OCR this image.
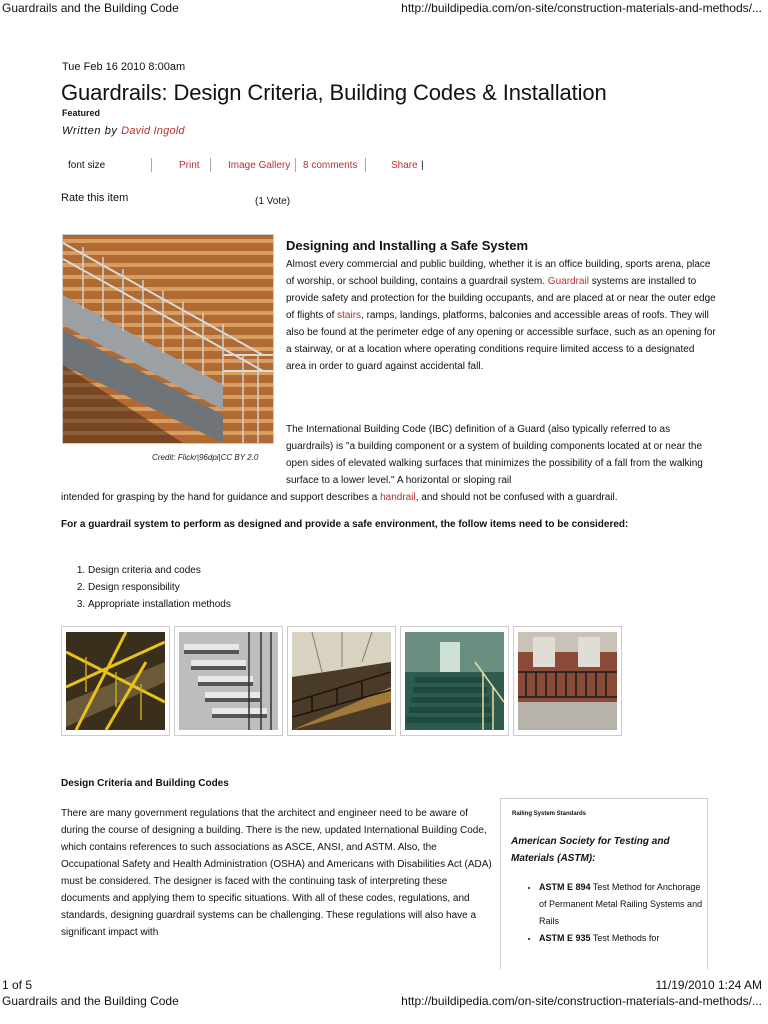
Guardrails and the Building Code	http://buildipedia.com/on-site/construction-materials-and-methods/...
Tue Feb 16 2010 8:00am
Guardrails: Design Criteria, Building Codes & Installation
Featured
Written by David Ingold
font size	Print	Image Gallery 8 comments	Share |
Rate this item	(1 Vote)
Credit: Flickr|96dpi|CC BY 2.0
Designing and Installing a Safe System

Almost every commercial and public building, whether it is an office building, sports arena, place of worship, or school building, contains a guardrail system. Guardrail systems are installed to provide safety and protection for the building occupants, and are placed at or near the outer edge of flights of stairs, ramps, landings, platforms, balconies and accessible areas of roofs. They will also be found at the perimeter edge of any opening or accessible surface, such as an opening for a stairway, or at a location where operating conditions require limited access to a designated area in order to guard against accidental fall.

The International Building Code (IBC) definition of a Guard (also typically referred to as guardrails) is "a building component or a system of building components located at or near the open sides of elevated walking surfaces that minimizes the possibility of a fall from the walking surface to a lower level." A horizontal or sloping rail

intended for grasping by the hand for guidance and support describes a handrail, and should not be confused with a guardrail.

For a guardrail system to perform as designed and provide a safe environment, the follow items need to be considered:

1. Design criteria and codes
2. Design responsibility
3. Appropriate installation methods
Design Criteria and Building Codes

There are many government regulations that the architect and engineer need to be aware of during the course of designing a building. There is the new, updated International Building Code, which contains references to such associations as ASCE, ANSI, and ASTM. Also, the Occupational Safety and Health Administration (OSHA) and Americans with Disabilities Act (ADA) must be considered. The designer is faced with the continuing task of interpreting these documents and applying them to specific situations. With all of these codes, regulations, and standards, designing guardrail systems can be challenging. These regulations will also have a significant impact with

Railing System Standards
American Society for Testing and Materials (ASTM):
• ASTM E 894 Test Method for Anchorage of Permanent Metal Railing Systems and Rails
• ASTM E 935 Test Methods for
1 of 5	11/19/2010 1:24 AM
Guardrails and the Building Code	http://buildipedia.com/on-site/construction-materials-and-methods/...
